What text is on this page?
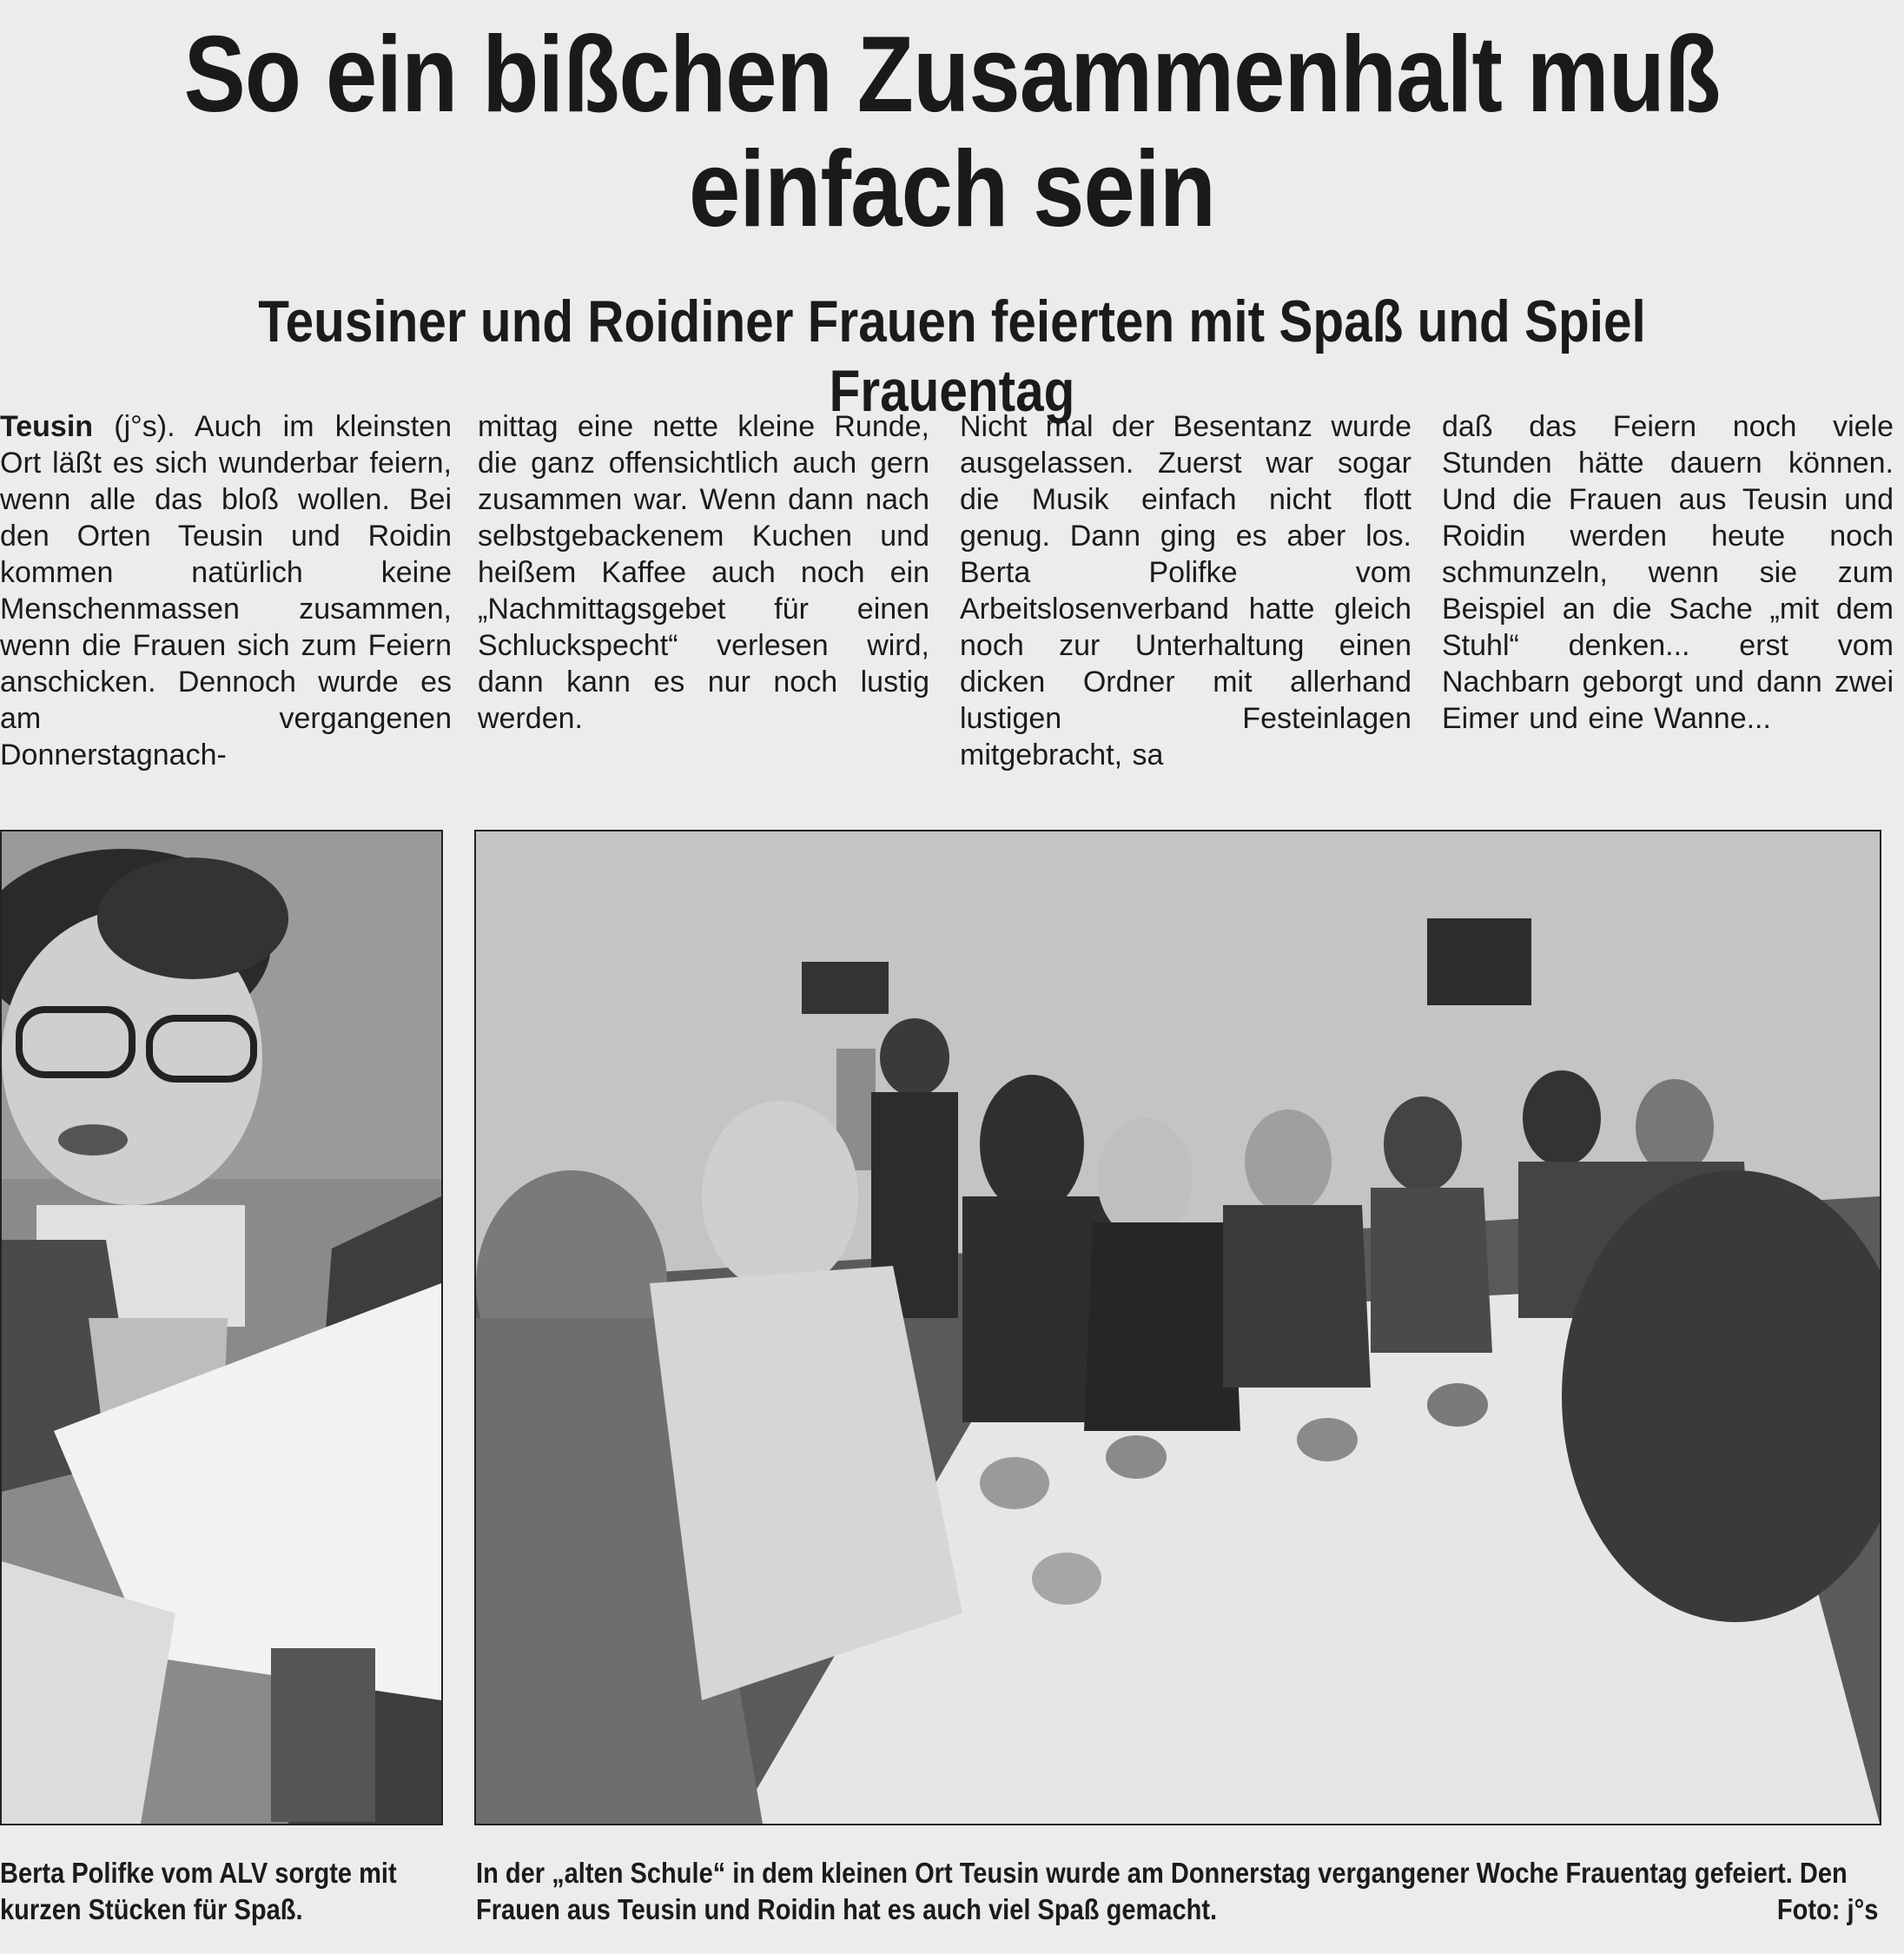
So ein bißchen Zusammenhalt muß einfach sein
Teusiner und Roidiner Frauen feierten mit Spaß und Spiel Frauentag

Teusin (j°s). Auch im kleinsten Ort läßt es sich wunderbar feiern, wenn alle das bloß wollen. Bei den Orten Teusin und Roidin kommen natürlich keine Menschenmassen zusammen, wenn die Frauen sich zum Feiern anschicken. Dennoch wurde es am vergangenen Donnerstagnach-

mittag eine nette kleine Runde, die ganz offensichtlich auch gern zusammen war. Wenn dann nach selbstgebackenem Kuchen und heißem Kaffee auch noch ein „Nachmittagsgebet für einen Schluckspecht“ verlesen wird, dann kann es nur noch lustig werden.

Nicht mal der Besentanz wurde ausgelassen. Zuerst war sogar die Musik einfach nicht flott genug. Dann ging es aber los. Berta Polifke vom Arbeitslosenverband hatte gleich noch zur Unterhaltung einen dicken Ordner mit allerhand lustigen Festeinlagen mitgebracht, sa

daß das Feiern noch viele Stunden hätte dauern können. Und die Frauen aus Teusin und Roidin werden heute noch schmunzeln, wenn sie zum Beispiel an die Sache „mit dem Stuhl“ denken... erst vom Nachbarn geborgt und dann zwei Eimer und eine Wanne...

Berta Polifke vom ALV sorgte mit kurzen Stücken für Spaß.
In der „alten Schule“ in dem kleinen Ort Teusin wurde am Donnerstag vergangener Woche Frauentag gefeiert. Den Frauen aus Teusin und Roidin hat es auch viel Spaß gemacht.	Foto: j°s
